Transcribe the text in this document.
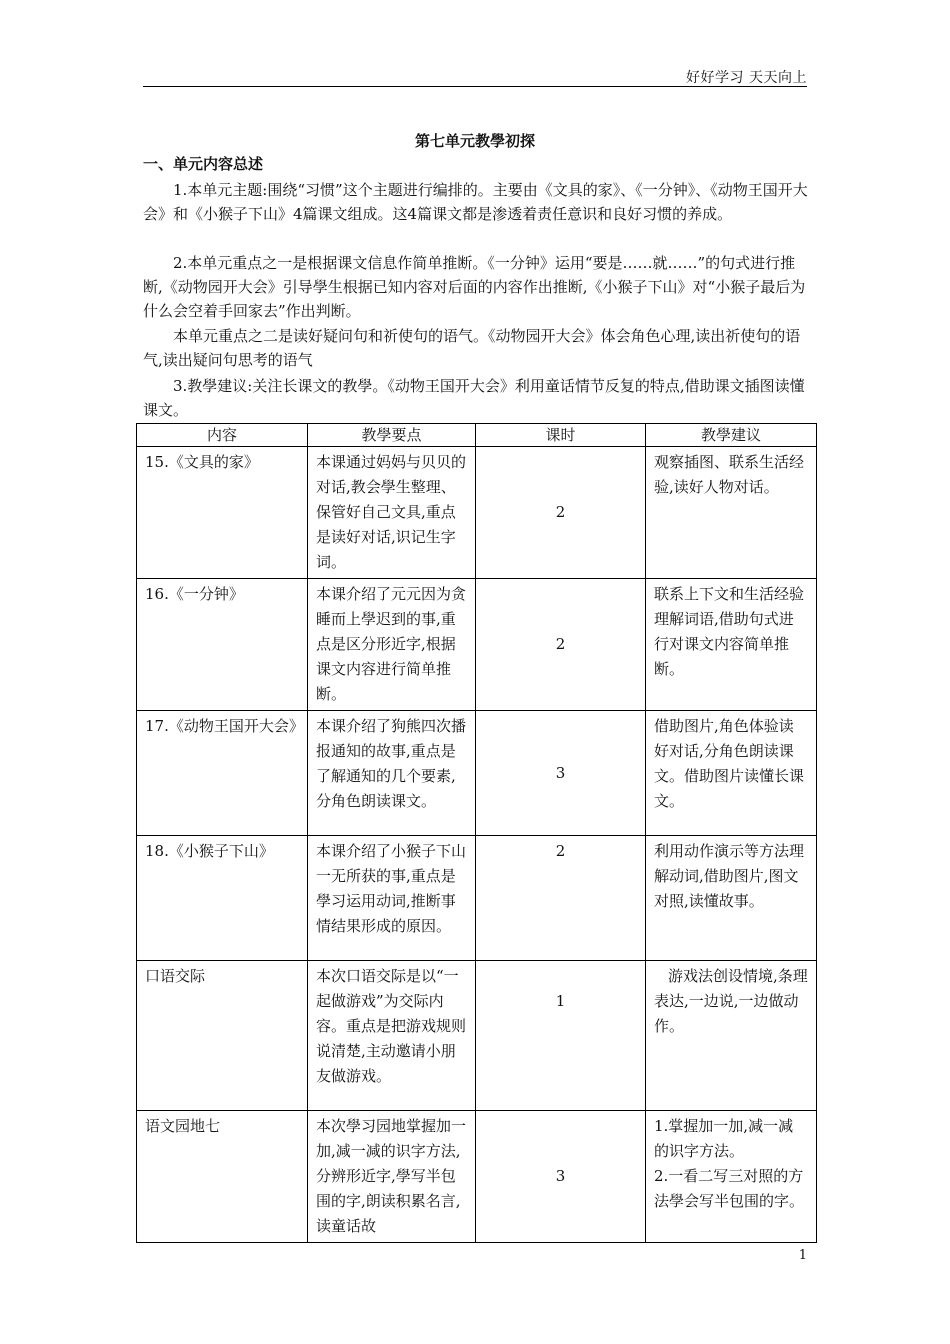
好好学习 天天向上
第七单元教學初探
一、单元内容总述
1.本单元主题:围绕“习惯”这个主题进行编排的。主要由《文具的家》、《一分钟》、《动物王国开大会》和《小猴子下山》4篇课文组成。这4篇课文都是渗透着责任意识和良好习惯的养成。
2.本单元重点之一是根据课文信息作简单推断。《一分钟》运用“要是……就……”的句式进行推断,《动物园开大会》引导學生根据已知内容对后面的内容作出推断,《小猴子下山》对“小猴子最后为什么会空着手回家去”作出判断。
本单元重点之二是读好疑问句和祈使句的语气。《动物园开大会》体会角色心理,读出祈使句的语气,读出疑问句思考的语气
3.教學建议:关注长课文的教學。《动物王国开大会》利用童话情节反复的特点,借助课文插图读懂课文。
内容	教學要点	课时	教學建议
15.《文具的家》	本课通过妈妈与贝贝的对话,教会學生整理、保管好自己文具,重点是读好对话,识记生字词。	2	观察插图、联系生活经验,读好人物对话。
16.《一分钟》	本课介绍了元元因为贪睡而上學迟到的事,重点是区分形近字,根据课文内容进行简单推断。	2	联系上下文和生活经验理解词语,借助句式进行对课文内容简单推断。
17.《动物王国开大会》	本课介绍了狗熊四次播报通知的故事,重点是了解通知的几个要素,分角色朗读课文。	3	借助图片,角色体验读好对话,分角色朗读课文。借助图片读懂长课文。
18.《小猴子下山》	本课介绍了小猴子下山一无所获的事,重点是學习运用动词,推断事情结果形成的原因。	2	利用动作演示等方法理解动词,借助图片,图文对照,读懂故事。
口语交际	本次口语交际是以“一起做游戏”为交际内容。重点是把游戏规则说清楚,主动邀请小朋友做游戏。	1	游戏法创设情境,条理表达,一边说,一边做动作。
语文园地七	本次學习园地掌握加一加,减一减的识字方法,分辨形近字,學写半包围的字,朗读积累名言,读童话故	3	1.掌握加一加,减一减的识字方法。
2.一看二写三对照的方法學会写半包围的字。
1
